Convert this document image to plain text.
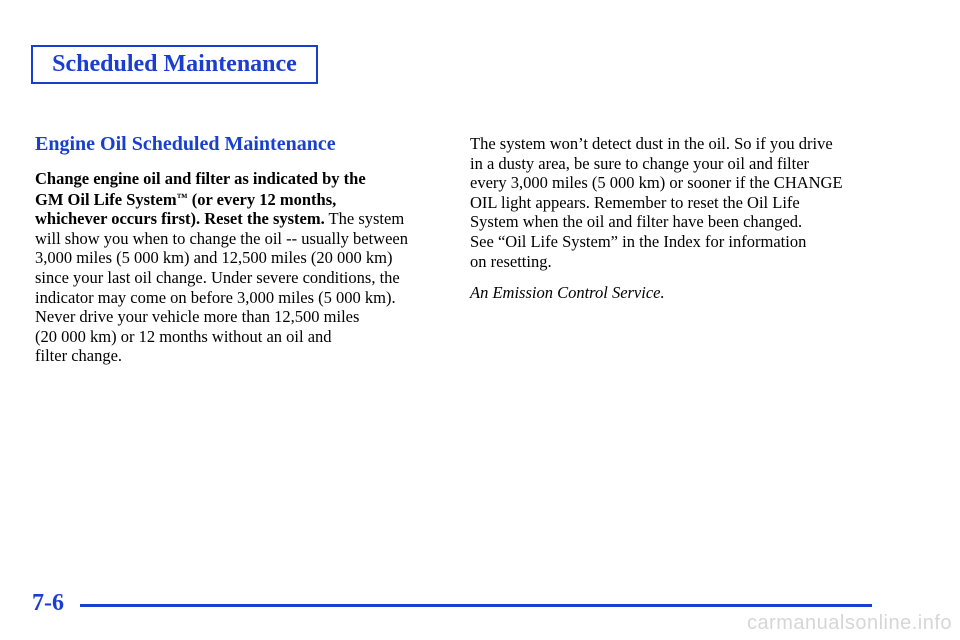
Scheduled Maintenance
Engine Oil Scheduled Maintenance

Change engine oil and filter as indicated by the
GM Oil Life System™ (or every 12 months,
whichever occurs first). Reset the system. The system
will show you when to change the oil -- usually between
3,000 miles (5 000 km) and 12,500 miles (20 000 km)
since your last oil change. Under severe conditions, the
indicator may come on before 3,000 miles (5 000 km).
Never drive your vehicle more than 12,500 miles
(20 000 km) or 12 months without an oil and
filter change.

The system won’t detect dust in the oil. So if you drive
in a dusty area, be sure to change your oil and filter
every 3,000 miles (5 000 km) or sooner if the CHANGE
OIL light appears. Remember to reset the Oil Life
System when the oil and filter have been changed.
See “Oil Life System” in the Index for information
on resetting.

An Emission Control Service.

7-6
carmanualsonline.info
